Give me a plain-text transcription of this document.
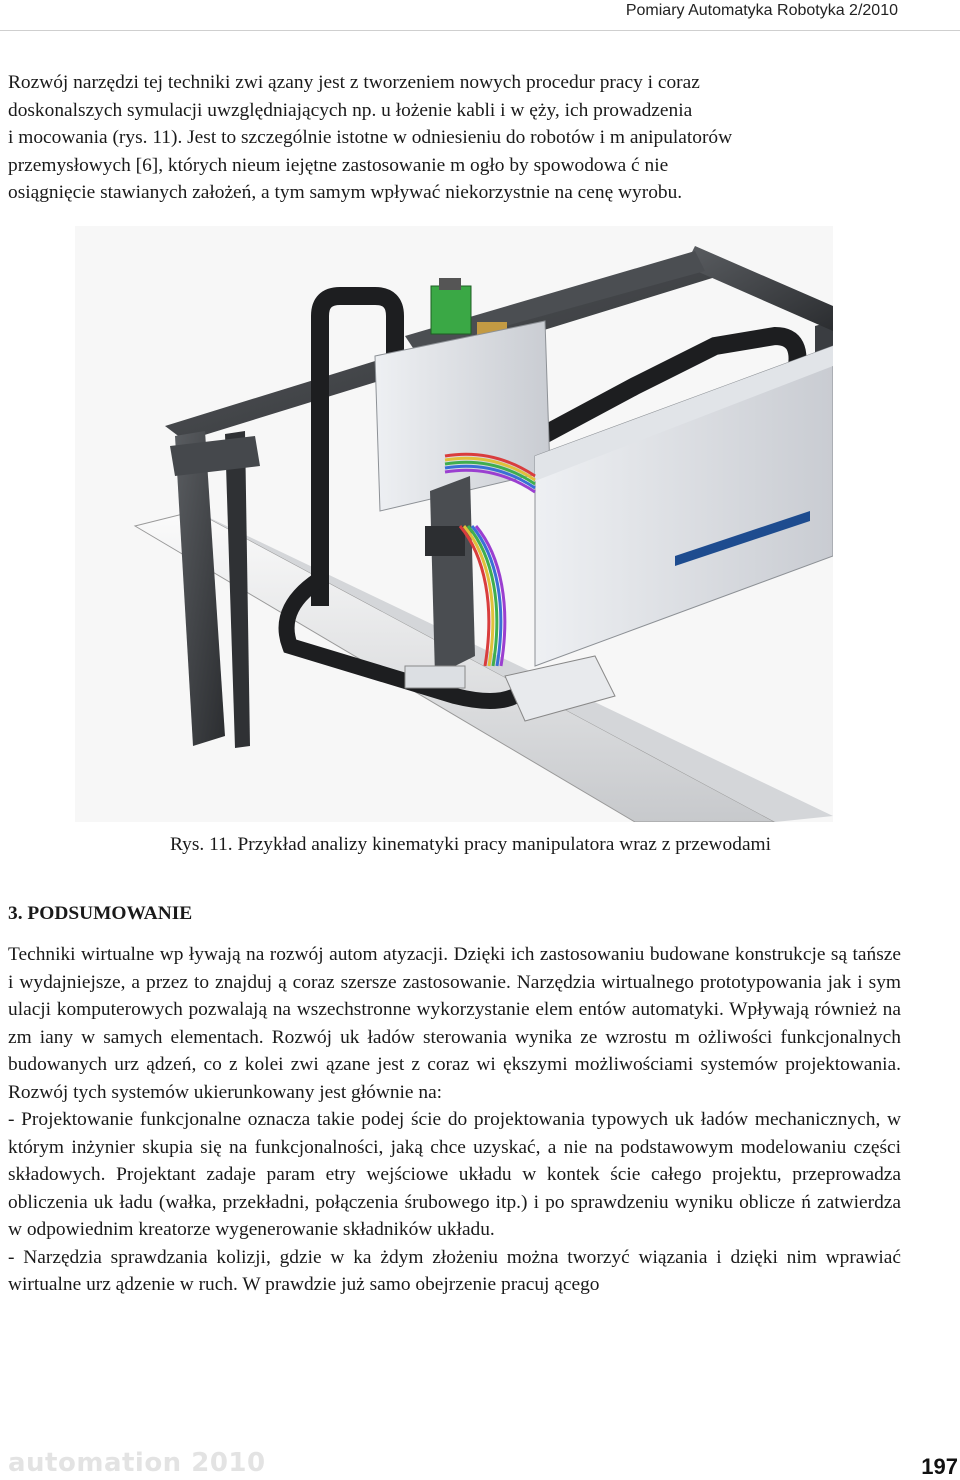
Pomiary Automatyka Robotyka 2/2010
Rozwój narzędzi tej techniki zwi ązany jest z tworzeniem nowych procedur pracy i coraz
doskonalszych symulacji uwzględniających np. u łożenie kabli i w ęży, ich prowadzenia
i mocowania (rys. 11). Jest to szczególnie istotne w odniesieniu do robotów i m anipulatorów
przemysłowych [6], których nieum iejętne zastosowanie m ogło by spowodowa ć nie
osiągnięcie stawianych założeń, a tym samym wpływać niekorzystnie na cenę wyrobu.
Rys. 11. Przykład analizy kinematyki pracy manipulatora wraz z przewodami
3. PODSUMOWANIE

Techniki wirtualne wp ływają na rozwój autom atyzacji. Dzięki ich zastosowaniu budowane konstrukcje są tańsze i wydajniejsze, a przez to znajduj ą coraz szersze zastosowanie. Narzędzia wirtualnego prototypowania jak i sym ulacji komputerowych pozwalają na wszechstronne wykorzystanie elem entów automatyki. Wpływają również na zm iany w samych elementach. Rozwój uk ładów sterowania wynika ze wzrostu m ożliwości funkcjonalnych budowanych urz ądzeń, co z kolei zwi ązane jest z coraz wi ększymi możliwościami systemów projektowania. Rozwój tych systemów ukierunkowany jest głównie na:

- Projektowanie funkcjonalne oznacza takie podej ście do projektowania typowych uk ładów mechanicznych, w którym inżynier skupia się na funkcjonalności, jaką chce uzyskać, a nie na podstawowym modelowaniu części składowych. Projektant zadaje param etry wejściowe układu w kontek ście całego projektu, przeprowadza obliczenia uk ładu (wałka, przekładni, połączenia śrubowego itp.) i po sprawdzeniu wyniku oblicze ń zatwierdza w odpowiednim kreatorze wygenerowanie składników układu.

- Narzędzia sprawdzania kolizji, gdzie w ka żdym złożeniu można tworzyć wiązania i dzięki nim wprawiać wirtualne urz ądzenie w ruch. W prawdzie już samo obejrzenie pracuj ącego

automation 2010	197
